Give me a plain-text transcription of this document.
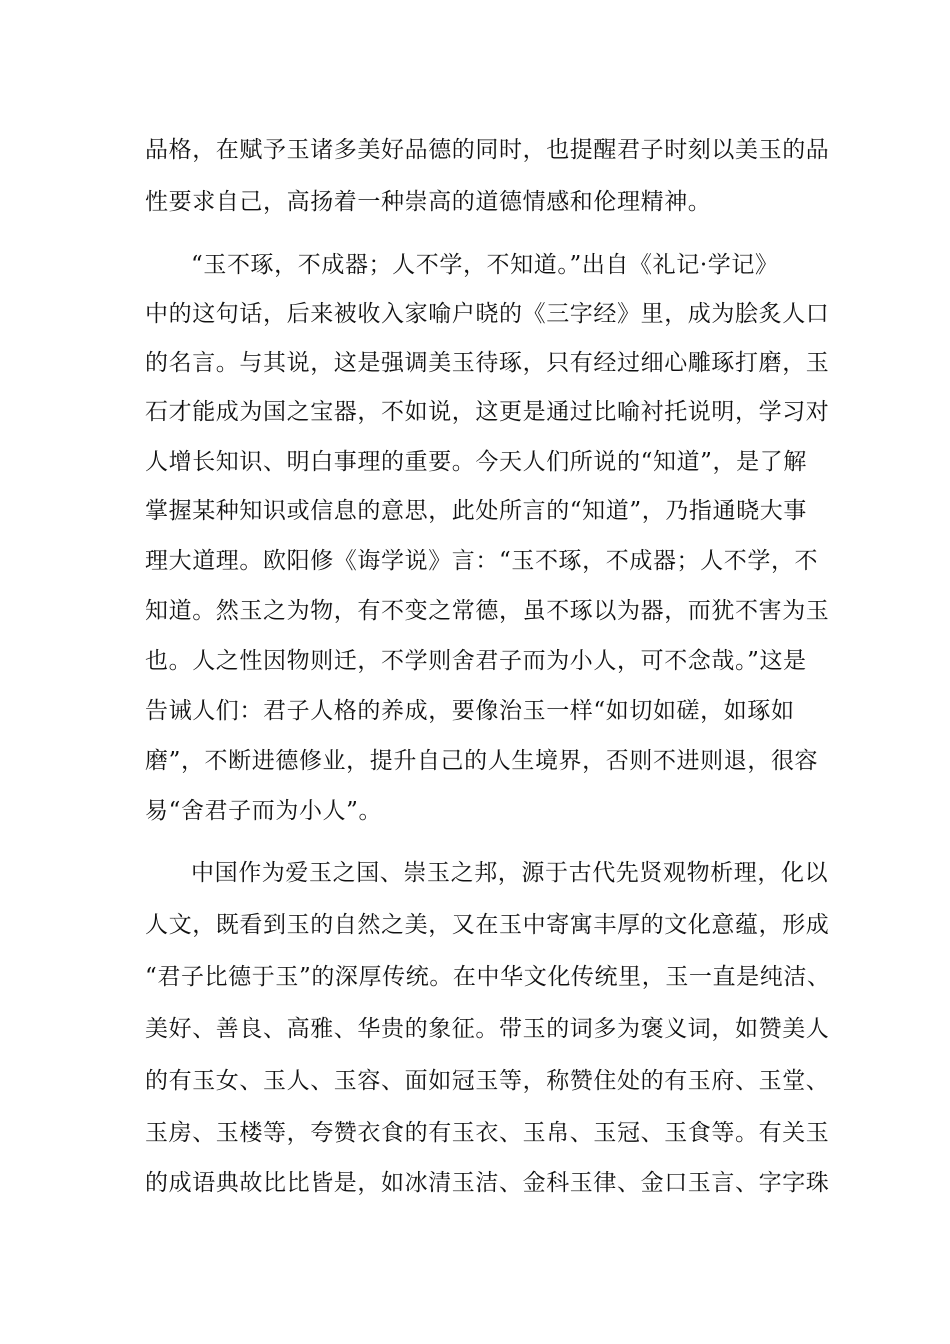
品格，在赋予玉诸多美好品德的同时，也提醒君子时刻以美玉的品
性要求自己，高扬着一种崇高的道德情感和伦理精神。
“玉不琢，不成器；人不学，不知道。”出自《礼记·学记》
中的这句话，后来被收入家喻户晓的《三字经》里，成为脍炙人口
的名言。与其说，这是强调美玉待琢，只有经过细心雕琢打磨，玉
石才能成为国之宝器，不如说，这更是通过比喻衬托说明，学习对
人增长知识、明白事理的重要。今天人们所说的“知道”，是了解
掌握某种知识或信息的意思，此处所言的“知道”，乃指通晓大事
理大道理。欧阳修《诲学说》言：“玉不琢，不成器；人不学，不
知道。然玉之为物，有不变之常德，虽不琢以为器，而犹不害为玉
也。人之性因物则迁，不学则舍君子而为小人，可不念哉。”这是
告诫人们：君子人格的养成，要像治玉一样“如切如磋，如琢如
磨”，不断进德修业，提升自己的人生境界，否则不进则退，很容
易“舍君子而为小人”。
中国作为爱玉之国、崇玉之邦，源于古代先贤观物析理，化以
人文，既看到玉的自然之美，又在玉中寄寓丰厚的文化意蕴，形成
“君子比德于玉”的深厚传统。在中华文化传统里，玉一直是纯洁、
美好、善良、高雅、华贵的象征。带玉的词多为褒义词，如赞美人
的有玉女、玉人、玉容、面如冠玉等，称赞住处的有玉府、玉堂、
玉房、玉楼等，夸赞衣食的有玉衣、玉帛、玉冠、玉食等。有关玉
的成语典故比比皆是，如冰清玉洁、金科玉律、金口玉言、字字珠
